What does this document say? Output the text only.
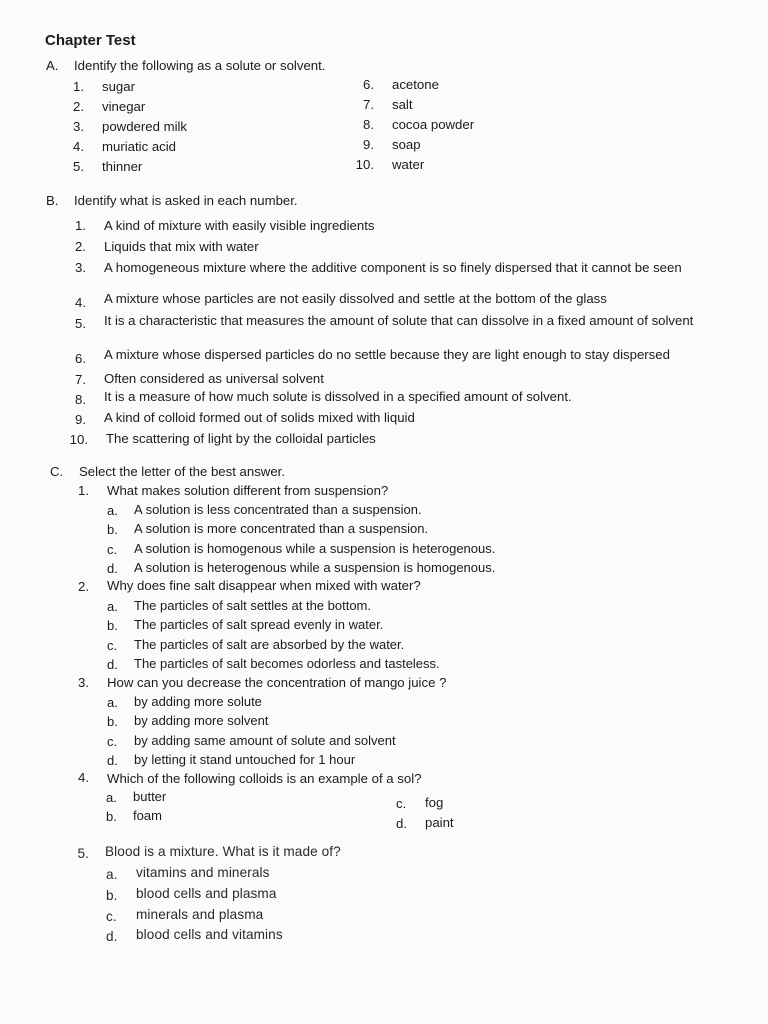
Chapter Test
A. Identify the following as a solute or solvent.
1. sugar
2. vinegar
3. powdered milk
4. muriatic acid
5. thinner
6. acetone
7. salt
8. cocoa powder
9. soap
10. water
B. Identify what is asked in each number.
1. A kind of mixture with easily visible ingredients
2. Liquids that mix with water
3. A homogeneous mixture where the additive component is so finely dispersed that it cannot be seen
4. A mixture whose particles are not easily dissolved and settle at the bottom of the glass
5. It is a characteristic that measures the amount of solute that can dissolve in a fixed amount of solvent
6. A mixture whose dispersed particles do no settle because they are light enough to stay dispersed
7. Often considered as universal solvent
8. It is a measure of how much solute is dissolved in a specified amount of solvent.
9. A kind of colloid formed out of solids mixed with liquid
10. The scattering of light by the colloidal particles
C. Select the letter of the best answer.
1. What makes solution different from suspension?
a. A solution is less concentrated than a suspension.
b. A solution is more concentrated than a suspension.
c. A solution is homogenous while a suspension is heterogenous.
d. A solution is heterogenous while a suspension is homogenous.
2. Why does fine salt disappear when mixed with water?
a. The particles of salt settles at the bottom.
b. The particles of salt spread evenly in water.
c. The particles of salt are absorbed by the water.
d. The particles of salt becomes odorless and tasteless.
3. How can you decrease the concentration of mango juice ?
a. by adding more solute
b. by adding more solvent
c. by adding same amount of solute and solvent
d. by letting it stand untouched for 1 hour
4. Which of the following colloids is an example of a sol?
a. butter
b. foam
c. fog
d. paint
5. Blood is a mixture. What is it made of?
a. vitamins and minerals
b. blood cells and plasma
c. minerals and plasma
d. blood cells and vitamins
